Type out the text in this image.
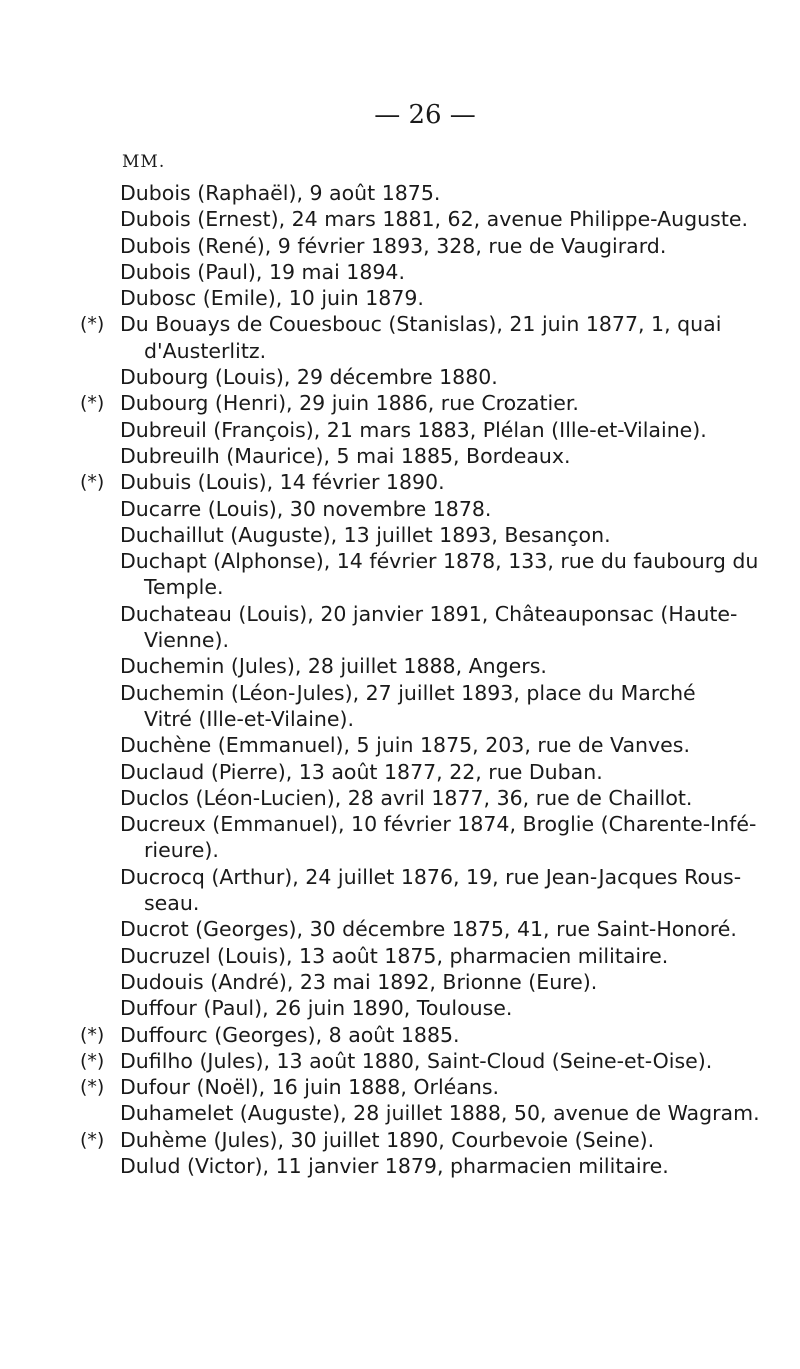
— 26 —
MM.
Dubois (Raphaël), 9 août 1875.
Dubois (Ernest), 24 mars 1881, 62, avenue Philippe-Auguste.
Dubois (René), 9 février 1893, 328, rue de Vaugirard.
Dubois (Paul), 19 mai 1894.
Dubosc (Emile), 10 juin 1879.
(*) Du Bouays de Couesbouc (Stanislas), 21 juin 1877, 1, quai
d'Austerlitz.
Dubourg (Louis), 29 décembre 1880.
(*) Dubourg (Henri), 29 juin 1886, rue Crozatier.
Dubreuil (François), 21 mars 1883, Plélan (Ille-et-Vilaine).
Dubreuilh (Maurice), 5 mai 1885, Bordeaux.
(*) Dubuis (Louis), 14 février 1890.
Ducarre (Louis), 30 novembre 1878.
Duchaillut (Auguste), 13 juillet 1893, Besançon.
Duchapt (Alphonse), 14 février 1878, 133, rue du faubourg du
Temple.
Duchateau (Louis), 20 janvier 1891, Châteauponsac (Haute-
Vienne).
Duchemin (Jules), 28 juillet 1888, Angers.
Duchemin (Léon-Jules), 27 juillet 1893, place du Marché
Vitré (Ille-et-Vilaine).
Duchène (Emmanuel), 5 juin 1875, 203, rue de Vanves.
Duclaud (Pierre), 13 août 1877, 22, rue Duban.
Duclos (Léon-Lucien), 28 avril 1877, 36, rue de Chaillot.
Ducreux (Emmanuel), 10 février 1874, Broglie (Charente-Infé-
rieure).
Ducrocq (Arthur), 24 juillet 1876, 19, rue Jean-Jacques Rous-
seau.
Ducrot (Georges), 30 décembre 1875, 41, rue Saint-Honoré.
Ducruzel (Louis), 13 août 1875, pharmacien militaire.
Dudouis (André), 23 mai 1892, Brionne (Eure).
Duffour (Paul), 26 juin 1890, Toulouse.
(*) Duffourc (Georges), 8 août 1885.
(*) Dufilho (Jules), 13 août 1880, Saint-Cloud (Seine-et-Oise).
(*) Dufour (Noël), 16 juin 1888, Orléans.
Duhamelet (Auguste), 28 juillet 1888, 50, avenue de Wagram.
(*) Duhème (Jules), 30 juillet 1890, Courbevoie (Seine).
Dulud (Victor), 11 janvier 1879, pharmacien militaire.
